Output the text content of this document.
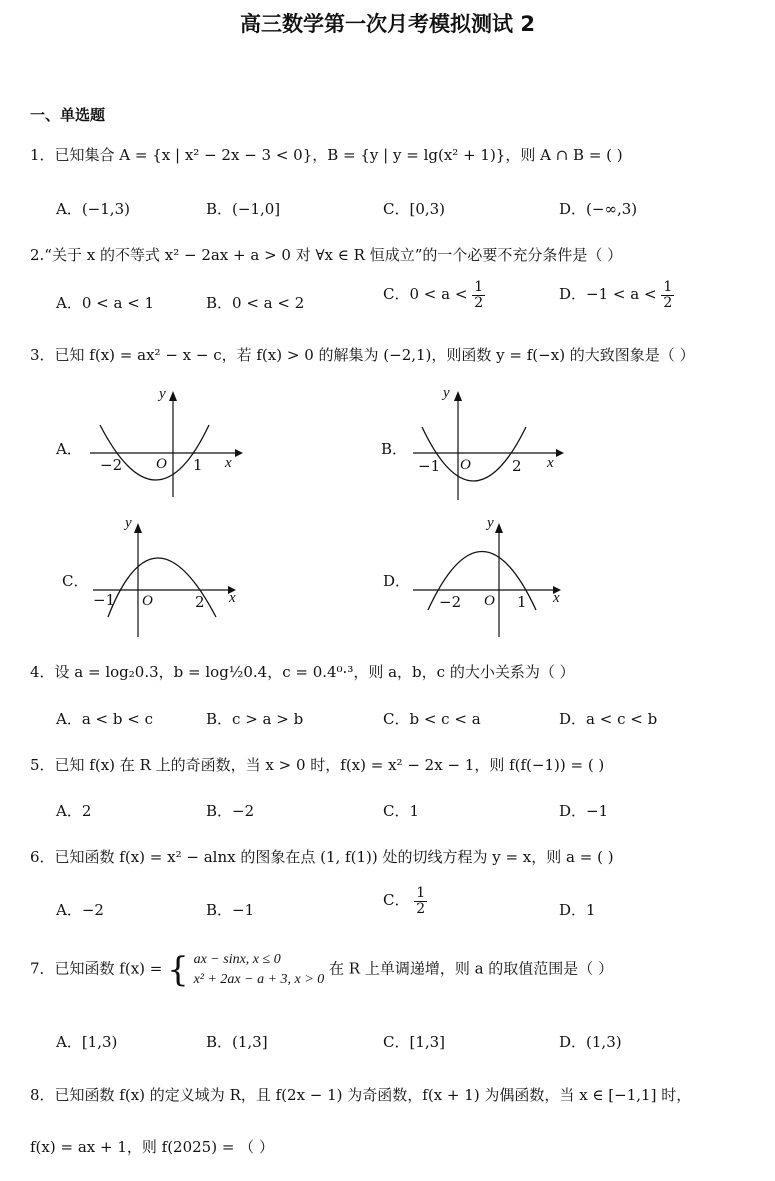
高三数学第一次月考模拟测试 2
一、单选题
1．已知集合 A = {x | x² − 2x − 3 < 0}，B = {y | y = lg(x² + 1)}，则 A ∩ B = ( )
A．(−1,3)	B．(−1,0]	C．[0,3)	D．(−∞,3)
2.“关于 x 的不等式 x² − 2ax + a > 0 对 ∀x ∈ R 恒成立”的一个必要不充分条件是（ ）
A．0 < a < 1	B．0 < a < 2	C．$0 < a < \frac{1}{2}$	D．$-1 < a < \frac{1}{2}$
3．已知 f(x) = ax² − x − c，若 f(x) > 0 的解集为 (−2,1)，则函数 y = f(−x) 的大致图象是（ ）
A．	B．
C．	D．
y
−2 O 1 x
y
−1 O	2 x
y
−1 O	2 x
y
−2 O 1 x
4．设 a = log₂0.3，b = log½0.4，c = 0.4⁰·³，则 a，b，c 的大小关系为（ ）
A．a < b < c	B．c > a > b	C．b < c < a	D．a < c < b
5．已知 f(x) 在 R 上的奇函数，当 x > 0 时，f(x) = x² − 2x − 1，则 f(f(−1)) = ( )
A．2	B．−2	C．1	D．−1
6．已知函数 f(x) = x² − alnx 的图象在点 (1, f(1)) 处的切线方程为 y = x，则 a = ( )
A．−2	B．−1
C． $\frac{1}{2}$	D．1
7．已知函数 f(x) = { ax − sinx, x ≤ 0
x² + 2ax − a + 3, x > 0
在 R 上单调递增，则 a 的取值范围是（ ）
A．[1,3)	B．(1,3]	C．[1,3]	D．(1,3)
8．已知函数 f(x) 的定义域为 R，且 f(2x − 1) 为奇函数，f(x + 1) 为偶函数，当 x ∈ [−1,1] 时，
f(x) = ax + 1，则 f(2025) = （ ）
